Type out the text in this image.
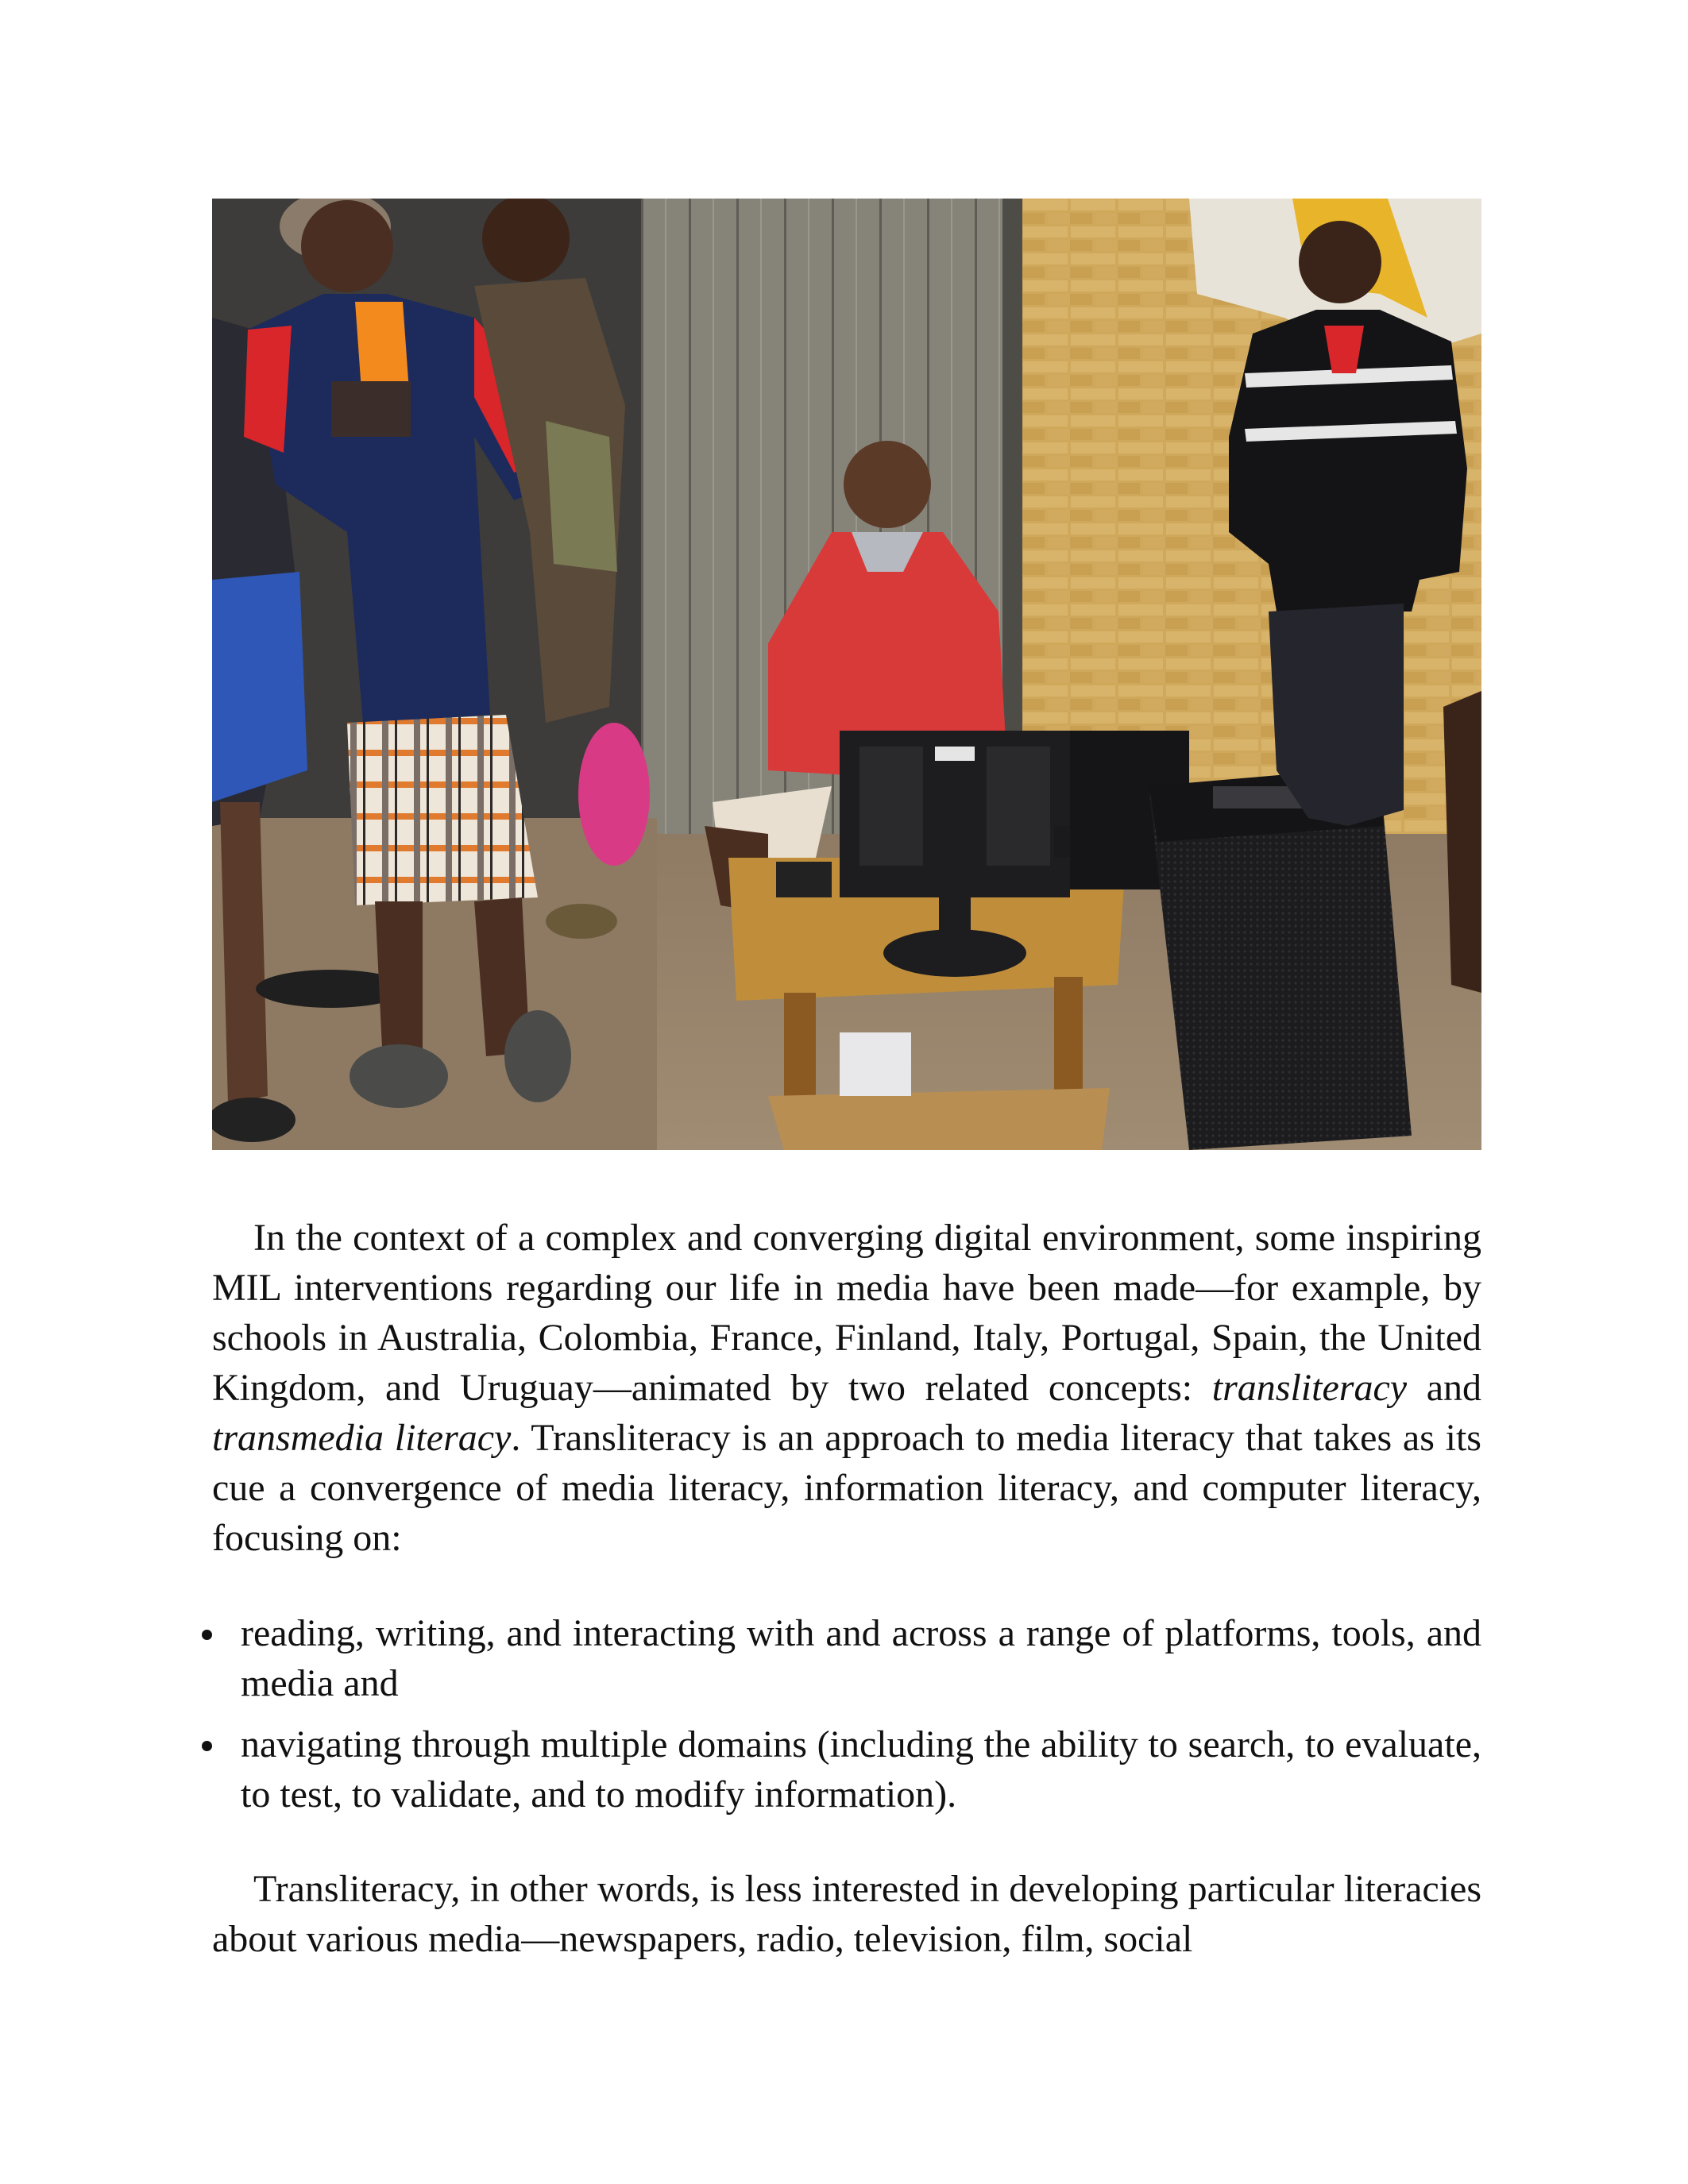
In the context of a complex and converging digital environment, some inspiring MIL interventions regarding our life in media have been made—for example, by schools in Australia, Colombia, France, Finland, Italy, Portugal, Spain, the United Kingdom, and Uruguay—animated by two related concepts: transliteracy and transmedia literacy. Transliteracy is an approach to media literacy that takes as its cue a convergence of media literacy, information literacy, and computer literacy, focusing on:

reading, writing, and interacting with and across a range of platforms, tools, and media and
navigating through multiple domains (including the ability to search, to evaluate, to test, to validate, and to modify information).

Transliteracy, in other words, is less interested in developing particular literacies about various media—newspapers, radio, television, film, social
